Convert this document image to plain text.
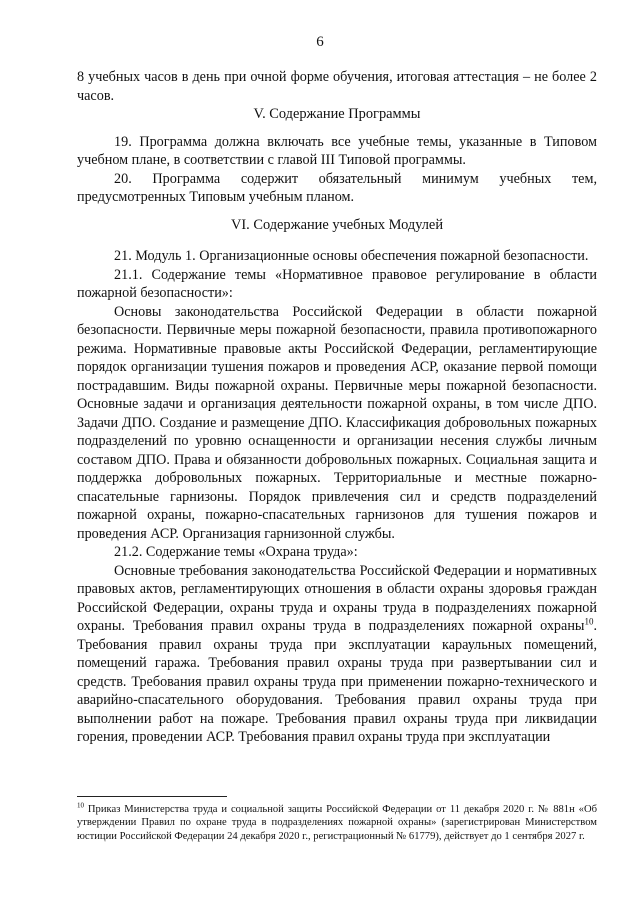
6

8 учебных часов в день при очной форме обучения, итоговая аттестация – не более 2 часов.

V. Содержание Программы

19. Программа должна включать все учебные темы, указанные в Типовом учебном плане, в соответствии с главой III Типовой программы.

20. Программа содержит обязательный минимум учебных тем, предусмотренных Типовым учебным планом.

VI. Содержание учебных Модулей

21. Модуль 1. Организационные основы обеспечения пожарной безопасности.

21.1. Содержание темы «Нормативное правовое регулирование в области пожарной безопасности»:

Основы законодательства Российской Федерации в области пожарной безопасности. Первичные меры пожарной безопасности, правила противопожарного режима. Нормативные правовые акты Российской Федерации, регламентирующие порядок организации тушения пожаров и проведения АСР, оказание первой помощи пострадавшим. Виды пожарной охраны. Первичные меры пожарной безопасности. Основные задачи и организация деятельности пожарной охраны, в том числе ДПО. Задачи ДПО. Создание и размещение ДПО. Классификация добровольных пожарных подразделений по уровню оснащенности и организации несения службы личным составом ДПО. Права и обязанности добровольных пожарных. Социальная защита и поддержка добровольных пожарных. Территориальные и местные пожарно-спасательные гарнизоны. Порядок привлечения сил и средств подразделений пожарной охраны, пожарно-спасательных гарнизонов для тушения пожаров и проведения АСР. Организация гарнизонной службы.

21.2. Содержание темы «Охрана труда»:

Основные требования законодательства Российской Федерации и нормативных правовых актов, регламентирующих отношения в области охраны здоровья граждан Российской Федерации, охраны труда и охраны труда в подразделениях пожарной охраны. Требования правил охраны труда в подразделениях пожарной охраны$^{10}$. Требования правил охраны труда при эксплуатации караульных помещений, помещений гаража. Требования правил охраны труда при развертывании сил и средств. Требования правил охраны труда при применении пожарно-технического и аварийно-спасательного оборудования. Требования правил охраны труда при выполнении работ на пожаре. Требования правил охраны труда при ликвидации горения, проведении АСР. Требования правил охраны труда при эксплуатации

$^{10}$ Приказ Министерства труда и социальной защиты Российской Федерации от 11 декабря 2020 г. № 881н «Об утверждении Правил по охране труда в подразделениях пожарной охраны» (зарегистрирован Министерством юстиции Российской Федерации 24 декабря 2020 г., регистрационный № 61779), действует до 1 сентября 2027 г.
